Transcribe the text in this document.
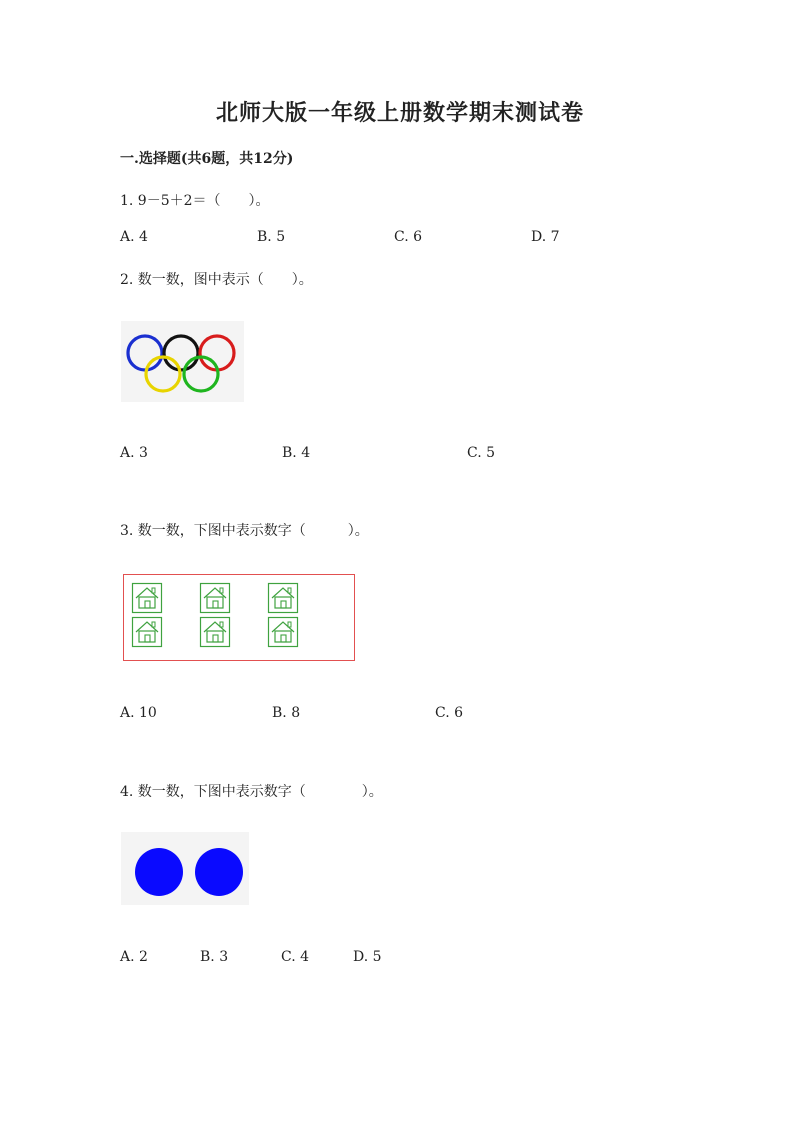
北师大版一年级上册数学期末测试卷
一.选择题(共6题，共12分)
1. 9－5＋2＝（　　）。
A. 4	B. 5	C. 6	D. 7
2. 数一数，图中表示（　　）。
A. 3	B. 4	C. 5
3. 数一数，下图中表示数字（　　　）。
A. 10	B. 8	C. 6
4. 数一数，下图中表示数字（　　　　）。
A. 2	B. 3	C. 4	D. 5
